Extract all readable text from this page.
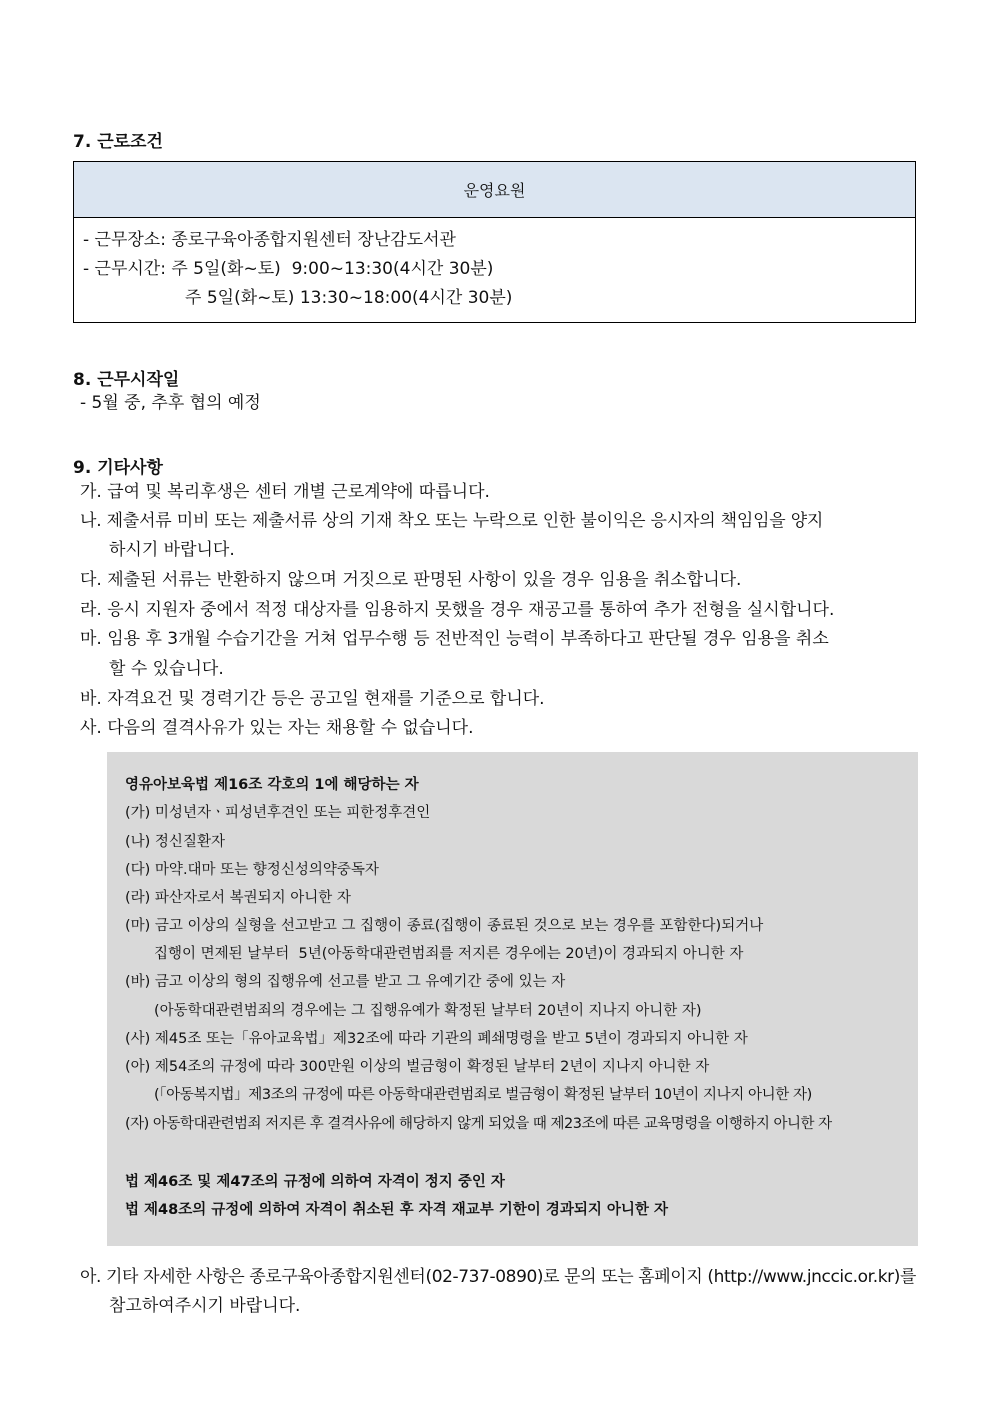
7. 근로조건
운영요원
- 근무장소: 종로구육아종합지원센터 장난감도서관
- 근무시간: 주 5일(화~토)  9:00~13:30(4시간 30분)
주 5일(화~토) 13:30~18:00(4시간 30분)
8. 근무시작일
- 5월 중, 추후 협의 예정
9. 기타사항
가. 급여 및 복리후생은 센터 개별 근로계약에 따릅니다.
나. 제출서류 미비 또는 제출서류 상의 기재 착오 또는 누락으로 인한 불이익은 응시자의 책임임을 양지
하시기 바랍니다.
다. 제출된 서류는 반환하지 않으며 거짓으로 판명된 사항이 있을 경우 임용을 취소합니다.
라. 응시 지원자 중에서 적정 대상자를 임용하지 못했을 경우 재공고를 통하여 추가 전형을 실시합니다.
마. 임용 후 3개월 수습기간을 거쳐 업무수행 등 전반적인 능력이 부족하다고 판단될 경우 임용을 취소
할 수 있습니다.
바. 자격요건 및 경력기간 등은 공고일 현재를 기준으로 합니다.
사. 다음의 결격사유가 있는 자는 채용할 수 없습니다.
영유아보육법 제16조 각호의 1에 해당하는 자
(가) 미성년자ㆍ피성년후견인 또는 피한정후견인
(나) 정신질환자
(다) 마약.대마 또는 향정신성의약중독자
(라) 파산자로서 복권되지 아니한 자
(마) 금고 이상의 실형을 선고받고 그 집행이 종료(집행이 종료된 것으로 보는 경우를 포함한다)되거나
집행이 면제된 날부터  5년(아동학대관련범죄를 저지른 경우에는 20년)이 경과되지 아니한 자
(바) 금고 이상의 형의 집행유예 선고를 받고 그 유예기간 중에 있는 자
(아동학대관련범죄의 경우에는 그 집행유예가 확정된 날부터 20년이 지나지 아니한 자)
(사) 제45조 또는「유아교육법」제32조에 따라 기관의 폐쇄명령을 받고 5년이 경과되지 아니한 자
(아) 제54조의 규정에 따라 300만원 이상의 벌금형이 확정된 날부터 2년이 지나지 아니한 자
(「아동복지법」제3조의 규정에 따른 아동학대관련범죄로 벌금형이 확정된 날부터 10년이 지나지 아니한 자)
(자) 아동학대관련범죄 저지른 후 결격사유에 해당하지 않게 되었을 때 제23조에 따른 교육명령을 이행하지 아니한 자
법 제46조 및 제47조의 규정에 의하여 자격이 정지 중인 자
법 제48조의 규정에 의하여 자격이 취소된 후 자격 재교부 기한이 경과되지 아니한 자
아. 기타 자세한 사항은 종로구육아종합지원센터(02-737-0890)로 문의 또는 홈페이지 (http://www.jnccic.or.kr)를
참고하여주시기 바랍니다.
